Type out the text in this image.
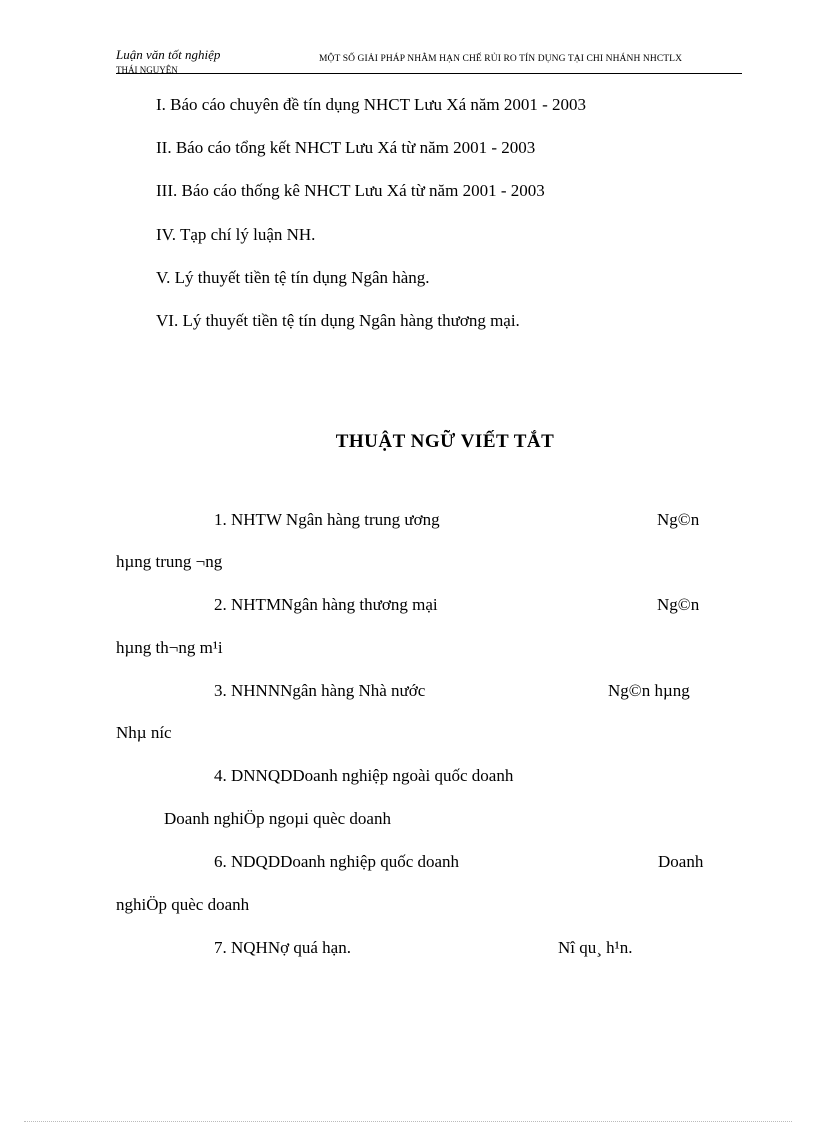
Luận văn tốt nghiệp
THÁI NGUYÊN
MỘT SỐ GIẢI PHÁP NHẰM HẠN CHẾ RỦI RO TÍN DỤNG TẠI CHI NHÁNH NHCTLX
I. Báo cáo chuyên đề tín dụng NHCT Lưu Xá năm 2001 - 2003
II. Báo cáo tổng kết NHCT Lưu Xá từ năm 2001 - 2003
III. Báo cáo thống kê NHCT Lưu Xá từ năm 2001 - 2003
IV. Tạp chí lý luận NH.
V. Lý thuyết tiền tệ tín dụng Ngân hàng.
VI. Lý thuyết tiền tệ tín dụng Ngân hàng thương mại.
THUẬT NGỮ VIẾT TẮT
1. NHTW Ngân hàng trung ương	Ng©n
hµng trung ¬ng
2. NHTMNgân hàng thương mại	Ng©n
hµng th¬ng m¹i
3. NHNNNgân hàng Nhà nước	Ng©n hµng
Nhµ níc
4. DNNQDDoanh nghiệp ngoài quốc doanh
Doanh nghiÖp ngoµi quèc doanh
6. NDQDDoanh nghiệp quốc doanh	Doanh
nghiÖp quèc doanh
7. NQHNợ quá hạn.	Nî qu¸ h¹n.
